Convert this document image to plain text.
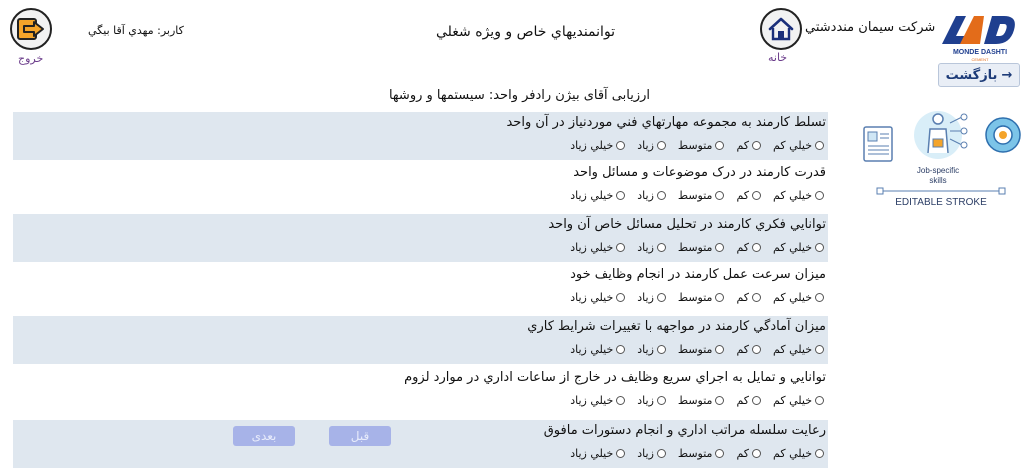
MONDE DASHTI
CEMENT
شركت سيمان منددشتي
خانه
توانمنديهاي خاص و ويژه شغلي
كاربر: مهدي آقا بيگي
خروج
بازگشت →
ارزيابی آقای بيژن رادفر واحد: سيستمها و روشها
Job-specific
skills
EDITABLE STROKE
تسلط كارمند به مجموعه مهارتهاي فني موردنياز در آن واحد
خيلي كم
كم
متوسط
زياد
خيلي زياد
قدرت كارمند در درک موضوعات و مسائل واحد
خيلي كم
كم
متوسط
زياد
خيلي زياد
توانايي فكري كارمند در تحليل مسائل خاص آن واحد
خيلي كم
كم
متوسط
زياد
خيلي زياد
ميزان سرعت عمل كارمند در انجام وظايف خود
خيلي كم
كم
متوسط
زياد
خيلي زياد
ميزان آمادگي كارمند در مواجهه با تغييرات شرايط كاري
خيلي كم
كم
متوسط
زياد
خيلي زياد
توانايي و تمايل به اجراي سريع وظايف در خارج از ساعات اداري در موارد لزوم
خيلي كم
كم
متوسط
زياد
خيلي زياد
رعايت سلسله مراتب اداري و انجام دستورات مافوق
خيلي كم
كم
متوسط
زياد
خيلي زياد
قبل
بعدی
